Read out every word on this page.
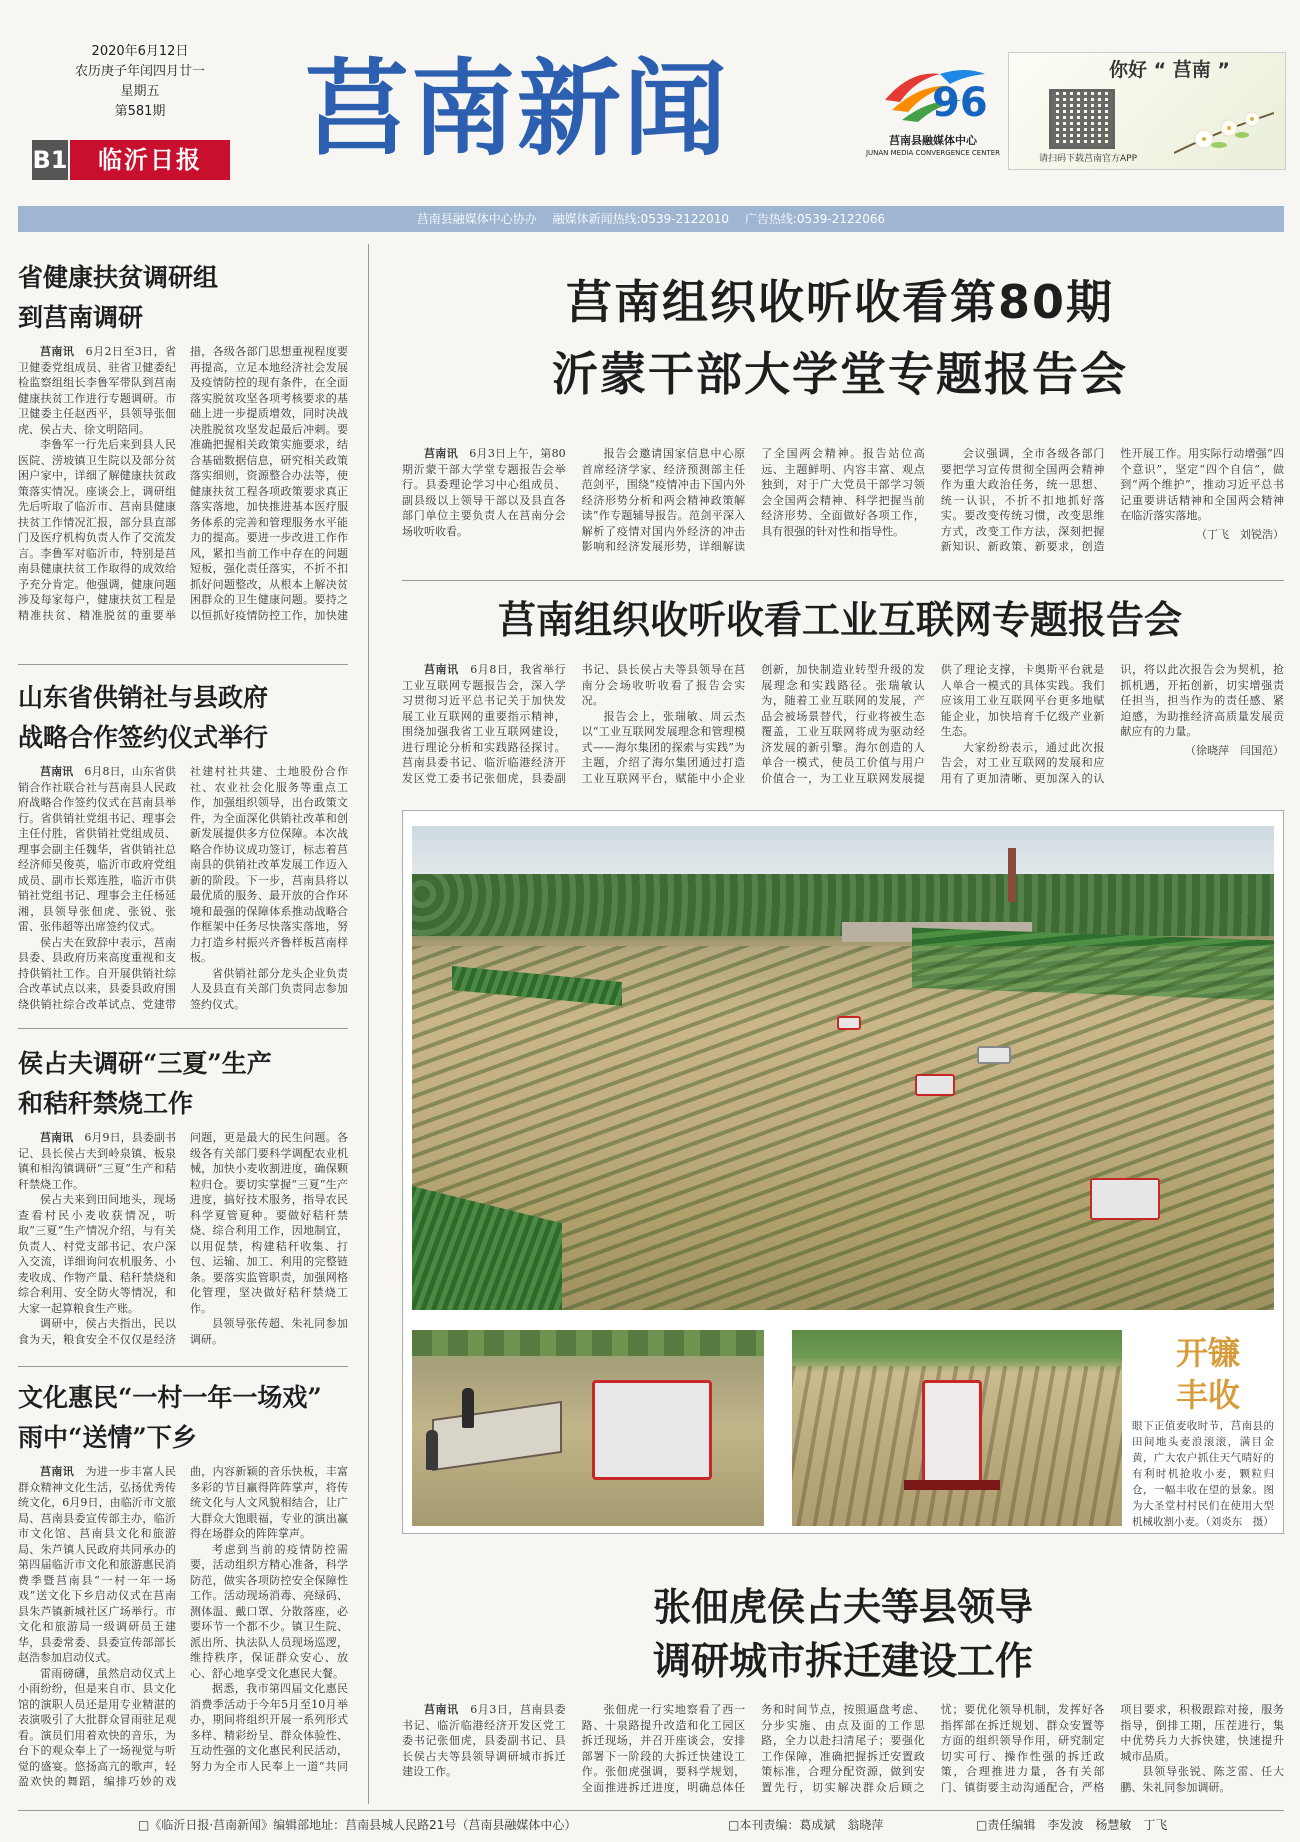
2020年6月12日
农历庚子年闰四月廿一
星期五
第581期
B1	临沂日报 莒南新闻	96
莒南县融媒体中心
JUNAN MEDIA CONVERGENCE CENTER
你好 “ 莒南 ”
请扫码下载莒南官方APP
莒南县融媒体中心协办 融媒体新闻热线:0539-2122010 广告热线:0539-2122066
省健康扶贫调研组
到莒南调研

莒南讯　 6月2日至3日，省卫健委党组成员、驻省卫健委纪检监察组组长李鲁军带队到莒南健康扶贫工作进行专题调研。市卫健委主任赵西平，县领导张佃虎、侯占夫、徐文明陪同。

李鲁军一行先后来到县人民医院、涝坡镇卫生院以及部分贫困户家中，详细了解健康扶贫政策落实情况。座谈会上，调研组先后听取了临沂市、莒南县健康扶贫工作情况汇报，部分县直部门及医疗机构负责人作了交流发言。李鲁军对临沂市，特别是莒南县健康扶贫工作取得的成效给予充分肯定。他强调，健康问题涉及每家每户，健康扶贫工程是精准扶贫、精准脱贫的重要举措，各级各部门思想重视程度要再提高，立足本地经济社会发展及疫情防控的现有条件，在全面落实脱贫攻坚各项考核要求的基础上进一步提质增效，同时决战决胜脱贫攻坚发起最后冲刺。要准确把握相关政策实施要求，结合基础数据信息，研究相关政策落实细则，资源整合办法等，使健康扶贫工程各项政策要求真正落实落地，加快推进基本医疗服务体系的完善和管理服务水平能力的提高。要进一步改进工作作风，紧扣当前工作中存在的问题短板，强化责任落实，不折不扣抓好问题整改，从根本上解决贫困群众的卫生健康问题。要持之以恒抓好疫情防控工作，加快建

山东省供销社与县政府
战略合作签约仪式举行

莒南讯　 6月8日，山东省供销合作社联合社与莒南县人民政府战略合作签约仪式在莒南县举行。省供销社党组书记、理事会主任付胜，省供销社党组成员、理事会副主任魏华，省供销社总经济师吴俊英，临沂市政府党组成员、副市长郑连胜，临沂市供销社党组书记、理事会主任杨延湘，县领导张佃虎、张锐、张雷、张伟超等出席签约仪式。

侯占夫在致辞中表示，莒南县委、县政府历来高度重视和支持供销社工作。自开展供销社综合改革试点以来，县委县政府围绕供销社综合改革试点、党建带社建村社共建、土地股份合作社、农业社会化服务等重点工作，加强组织领导，出台政策文件，为全面深化供销社改革和创新发展提供多方位保障。本次战略合作协议成功签订，标志着莒南县的供销社改革发展工作迈入新的阶段。下一步，莒南县将以最优质的服务、最开放的合作环境和最强的保障体系推动战略合作框架中任务尽快落实落地，努力打造乡村振兴齐鲁样板莒南样板。

省供销社部分龙头企业负责人及县直有关部门负责同志参加签约仪式。

侯占夫调研“三夏”生产
和秸秆禁烧工作

莒南讯　 6月9日，县委副书记、县长侯占夫到岭泉镇、板泉镇和相沟镇调研“三夏”生产和秸秆禁烧工作。

侯占夫来到田间地头，现场查看村民小麦收获情况，听取“三夏”生产情况介绍，与有关负责人、村党支部书记、农户深入交流，详细询问农机服务、小麦收成、作物产量、秸秆禁烧和综合利用、安全防火等情况，和大家一起算粮食生产账。

调研中，侯占夫指出，民以食为天，粮食安全不仅仅是经济问题，更是最大的民生问题。各级各有关部门要科学调配农业机械，加快小麦收割进度，确保颗粒归仓。要切实掌握“三夏”生产进度，搞好技术服务，指导农民科学夏管夏种。要做好秸秆禁烧、综合利用工作，因地制宜，以用促禁，构建秸秆收集、打包、运输、加工、利用的完整链条。要落实监管职责，加强网格化管理，坚决做好秸秆禁烧工作。

县领导张传超、朱礼同参加调研。

文化惠民“一村一年一场戏”
雨中“送情”下乡

莒南讯　 为进一步丰富人民群众精神文化生活，弘扬优秀传统文化，6月9日，由临沂市文旅局、莒南县委宣传部主办，临沂市文化馆、莒南县文化和旅游局、朱芦镇人民政府共同承办的第四届临沂市文化和旅游惠民消费季暨莒南县“一村一年一场戏”送文化下乡启动仪式在莒南县朱芦镇新城社区广场举行。市文化和旅游局一级调研员王建华，县委常委、县委宣传部部长赵浩参加启动仪式。

雷雨磅礴，虽然启动仪式上小雨纷纷，但是来自市、县文化馆的演职人员还是用专业精湛的表演吸引了大批群众冒雨驻足观看。演员们用着欢快的音乐，为台下的观众奉上了一场视觉与听觉的盛宴。悠扬高亢的歌声，轻盈欢快的舞蹈，编排巧妙的戏曲，内容新颖的音乐快板，丰富多彩的节目赢得阵阵掌声，将传统文化与人文风貌相结合，让广大群众大饱眼福，专业的演出赢得在场群众的阵阵掌声。

考虑到当前的疫情防控需要，活动组织方精心准备，科学防范，做实各项防控安全保障性工作。活动现场消毒、亮绿码、测体温、戴口罩、分散落座，必要环节一个都不少。镇卫生院、派出所、执法队人员现场巡逻，维持秩序，保证群众安心、放心、舒心地享受文化惠民大餐。

据悉，我市第四届文化惠民消费季活动于今年5月至10月举办，期间将组织开展一系列形式多样、精彩纷呈、群众体验性、互动性强的文化惠民利民活动，努力为全市人民奉上一道“共同

莒南组织收听收看第80期
沂蒙干部大学堂专题报告会

莒南讯　 6月3日上午，第80期沂蒙干部大学堂专题报告会举行。县委理论学习中心组成员、副县级以上领导干部以及县直各部门单位主要负责人在莒南分会场收听收看。

报告会邀请国家信息中心原首席经济学家、经济预测部主任范剑平，围绕“疫情冲击下国内外经济形势分析和两会精神政策解读”作专题辅导报告。范剑平深入解析了疫情对国内外经济的冲击影响和经济发展形势，详细解读了全国两会精神。报告站位高远、主题鲜明、内容丰富、观点独到，对于广大党员干部学习领会全国两会精神、科学把握当前经济形势、全面做好各项工作，具有很强的针对性和指导性。

会议强调，全市各级各部门要把学习宣传贯彻全国两会精神作为重大政治任务，统一思想、统一认识，不折不扣地抓好落实。要改变传统习惯，改变思维方式，改变工作方法，深刻把握新知识、新政策、新要求，创造性开展工作。用实际行动增强“四个意识”，坚定“四个自信”，做到“两个维护”，推动习近平总书记重要讲话精神和全国两会精神在临沂落实落地。

（丁飞　刘锐浩）

莒南组织收听收看工业互联网专题报告会

莒南讯　 6月8日，我省举行工业互联网专题报告会，深入学习贯彻习近平总书记关于加快发展工业互联网的重要指示精神，围绕加强我省工业互联网建设，进行理论分析和实践路径探讨。莒南县委书记、临沂临港经济开发区党工委书记张佃虎，县委副书记、县长侯占夫等县领导在莒南分会场收听收看了报告会实况。

报告会上，张瑞敏、周云杰以“工业互联网发展理念和管理模式——海尔集团的探索与实践”为主题，介绍了海尔集团通过打造工业互联网平台，赋能中小企业创新，加快制造业转型升级的发展理念和实践路径。张瑞敏认为，随着工业互联网的发展，产品会被场景替代，行业将被生态覆盖，工业互联网将成为驱动经济发展的新引擎。海尔创造的人单合一模式，使员工价值与用户价值合一，为工业互联网发展提供了理论支撑，卡奥斯平台就是人单合一模式的具体实践。我们应该用工业互联网平台更多地赋能企业，加快培育千亿级产业新生态。

大家纷纷表示，通过此次报告会，对工业互联网的发展和应用有了更加清晰、更加深入的认识，将以此次报告会为契机，抢抓机遇，开拓创新，切实增强责任担当，担当作为的责任感、紧迫感，为助推经济高质量发展贡献应有的力量。

（徐晓萍　闫国范）

开镰
丰收
眼下正值麦收时节，莒南县的田间地头麦浪滚滚，满目金黄，广大农户抓住天气晴好的有利时机抢收小麦，颗粒归仓，一幅丰收在望的景象。图为大圣堂村村民们在使用大型机械收割小麦。（刘炎东　摄）
张佃虎侯占夫等县领导
调研城市拆迁建设工作

莒南讯　 6月3日，莒南县委书记、临沂临港经济开发区党工委书记张佃虎，县委副书记、县长侯占夫等县领导调研城市拆迁建设工作。

张佃虎一行实地察看了西一路、十泉路提升改造和化工园区拆迁现场，并召开座谈会，安排部署下一阶段的大拆迁快建设工作。张佃虎强调，要科学规划，全面推进拆迁进度，明确总体任务和时间节点，按照逼盘考虑、分步实施、由点及面的工作思路，全力以赴扫清尾子；要强化工作保障，准确把握拆迁安置政策标准，合理分配资源，做到安置先行，切实解决群众后顾之忧；要优化领导机制，发挥好各指挥部在拆迁规划、群众安置等方面的组织领导作用，研究制定切实可行、操作性强的拆迁政策，合理推进力量，各有关部门、镇街要主动沟通配合，严格项目要求，积极跟踪对接，服务指导，倒排工期，压茬进行，集中优势兵力大拆快建，快速提升城市品质。

县领导张锐、陈芝雷、任大鹏、朱礼同参加调研。

□《临沂日报·莒南新闻》编辑部地址：莒南县城人民路21号（莒南县融媒体中心）	□本刊责编：葛成斌　翁晓萍	□责任编辑　李发波　杨慧敏　丁飞
